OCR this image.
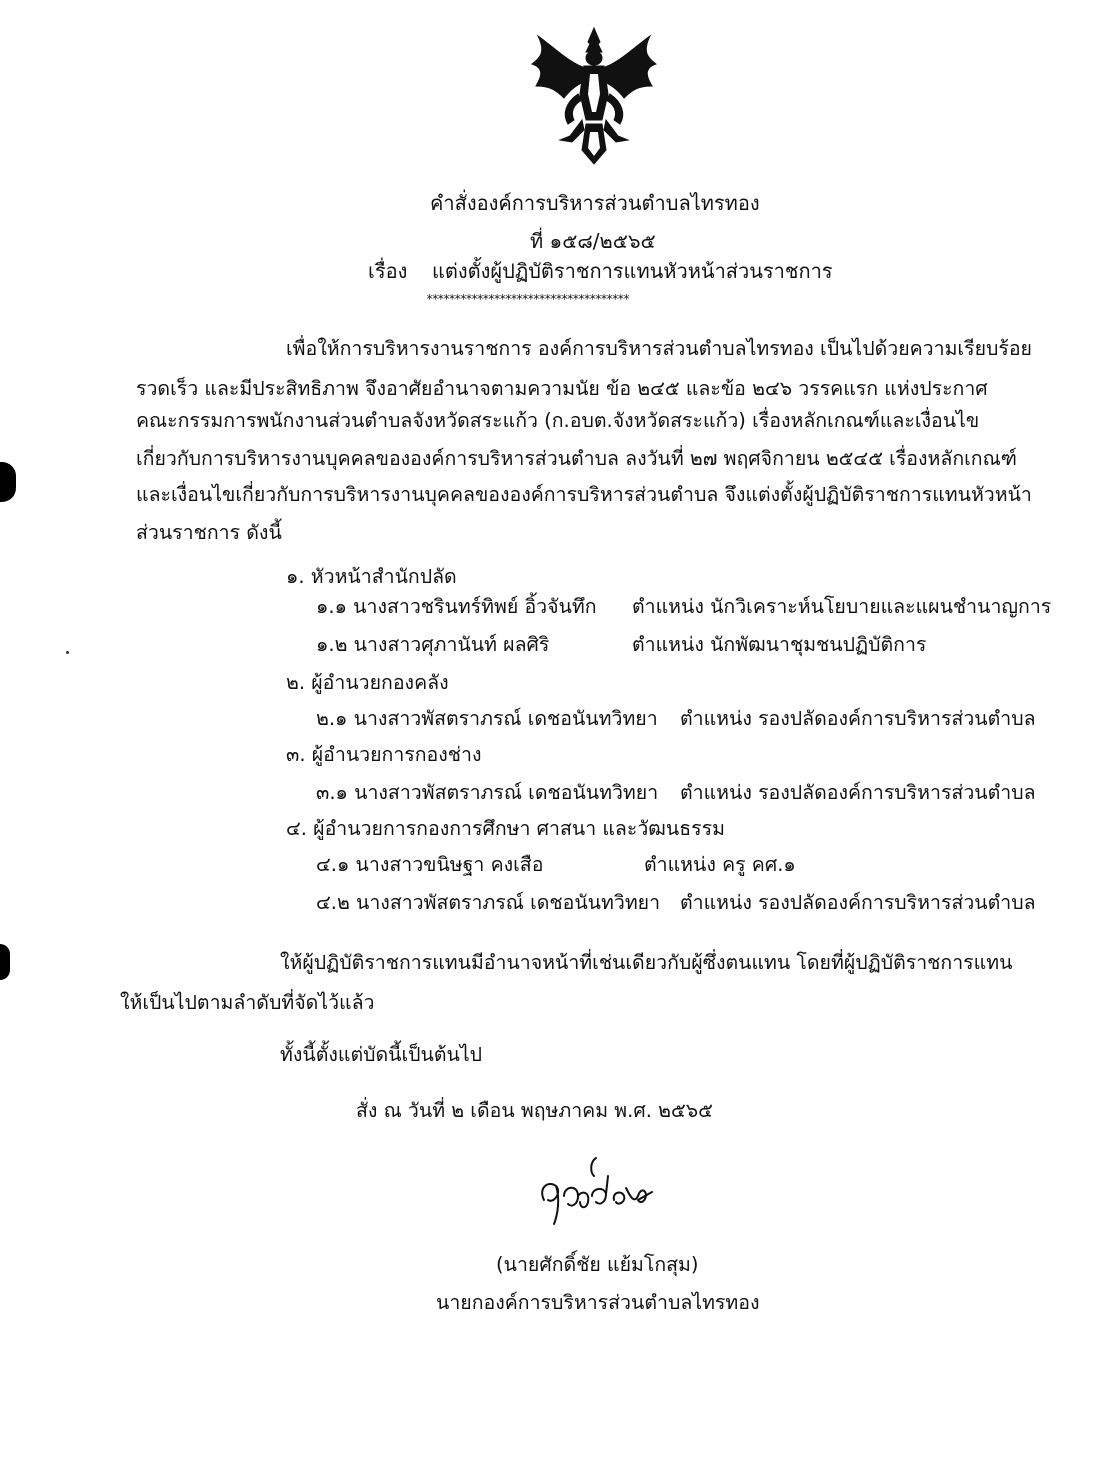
คำสั่งองค์การบริหารส่วนตำบลไทรทอง
ที่ ๑๕๘/๒๕๖๕
เรื่อง แต่งตั้งผู้ปฏิบัติราชการแทนหัวหน้าส่วนราชการ
************************************
เพื่อให้การบริหารงานราชการ องค์การบริหารส่วนตำบลไทรทอง เป็นไปด้วยความเรียบร้อย
รวดเร็ว และมีประสิทธิภาพ จึงอาศัยอำนาจตามความนัย ข้อ ๒๔๕ และข้อ ๒๔๖ วรรคแรก แห่งประกาศ
คณะกรรมการพนักงานส่วนตำบลจังหวัดสระแก้ว (ก.อบต.จังหวัดสระแก้ว) เรื่องหลักเกณฑ์และเงื่อนไข
เกี่ยวกับการบริหารงานบุคคลขององค์การบริหารส่วนตำบล ลงวันที่ ๒๗ พฤศจิกายน ๒๕๔๕ เรื่องหลักเกณฑ์
และเงื่อนไขเกี่ยวกับการบริหารงานบุคคลขององค์การบริหารส่วนตำบล จึงแต่งตั้งผู้ปฏิบัติราชการแทนหัวหน้า
ส่วนราชการ ดังนี้
๑. หัวหน้าสำนักปลัด
๑.๑ นางสาวชรินทร์ทิพย์ อิ้วจันทึก ตำแหน่ง นักวิเคราะห์นโยบายและแผนชำนาญการ
๑.๒ นางสาวศุภานันท์ ผลศิริ	ตำแหน่ง นักพัฒนาชุมชนปฏิบัติการ
๒. ผู้อำนวยกองคลัง
๒.๑ นางสาวพัสตราภรณ์ เดชอนันทวิทยา ตำแหน่ง รองปลัดองค์การบริหารส่วนตำบล
๓. ผู้อำนวยการกองช่าง
๓.๑ นางสาวพัสตราภรณ์ เดชอนันทวิทยา ตำแหน่ง รองปลัดองค์การบริหารส่วนตำบล
๔. ผู้อำนวยการกองการศึกษา ศาสนา และวัฒนธรรม
๔.๑ นางสาวขนิษฐา คงเสือ	ตำแหน่ง ครู คศ.๑
๔.๒ นางสาวพัสตราภรณ์ เดชอนันทวิทยา ตำแหน่ง รองปลัดองค์การบริหารส่วนตำบล
ให้ผู้ปฏิบัติราชการแทนมีอำนาจหน้าที่เช่นเดียวกับผู้ซึ่งตนแทน โดยที่ผู้ปฏิบัติราชการแทน
ให้เป็นไปตามลำดับที่จัดไว้แล้ว
ทั้งนี้ตั้งแต่บัดนี้เป็นต้นไป
สั่ง ณ วันที่ ๒ เดือน พฤษภาคม พ.ศ. ๒๕๖๕
(นายศักดิ์ชัย แย้มโกสุม)
นายกองค์การบริหารส่วนตำบลไทรทอง
